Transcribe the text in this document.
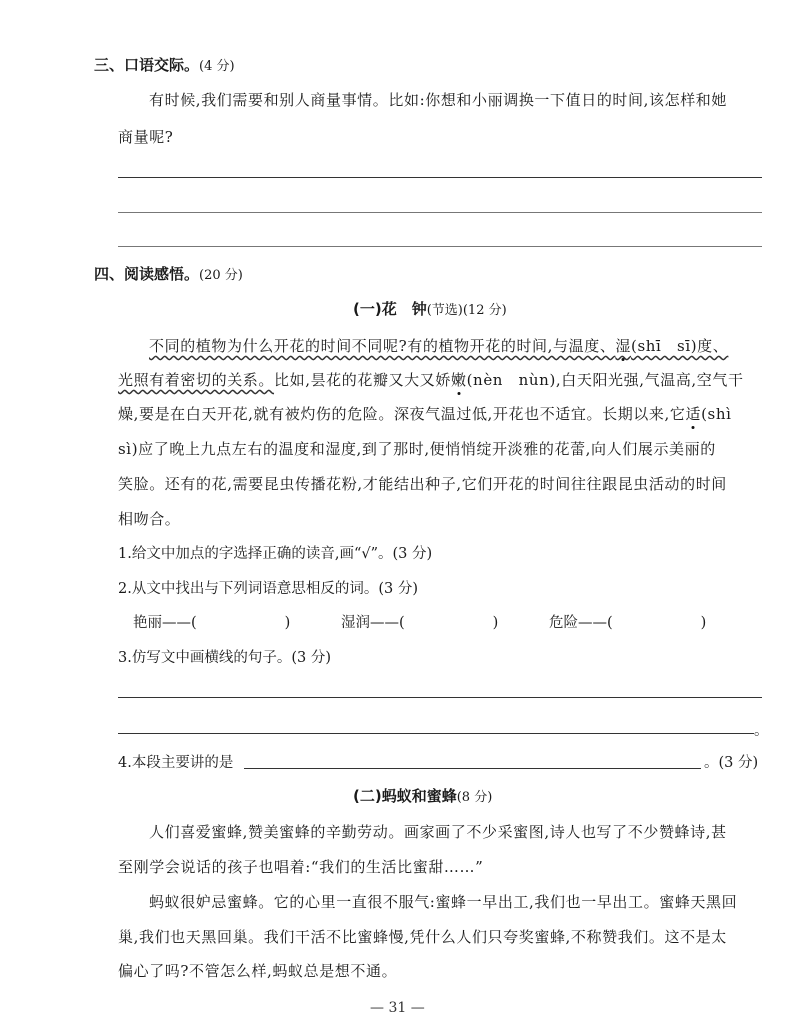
三、口语交际。(4 分)
有时候,我们需要和别人商量事情。比如:你想和小丽调换一下值日的时间,该怎样和她
商量呢?
四、阅读感悟。(20 分)
(一)花　钟(节选)(12 分)
不同的植物为什么开花的时间不同呢?有的植物开花的时间,与温度、湿(shī　sī)度、
光照有着密切的关系。比如,昙花的花瓣又大又娇嫩(nèn　nùn),白天阳光强,气温高,空气干
燥,要是在白天开花,就有被灼伤的危险。深夜气温过低,开花也不适宜。长期以来,它适(shì
sì)应了晚上九点左右的温度和湿度,到了那时,便悄悄绽开淡雅的花蕾,向人们展示美丽的
笑脸。还有的花,需要昆虫传播花粉,才能结出种子,它们开花的时间往往跟昆虫活动的时间
相吻合。
1.给文中加点的字选择正确的读音,画“√”。(3 分)
2.从文中找出与下列词语意思相反的词。(3 分)
艳丽——(	)	湿润——(	)	危险——(	)
3.仿写文中画横线的句子。(3 分)
。
4.本段主要讲的是	。(3 分)
(二)蚂蚁和蜜蜂(8 分)
人们喜爱蜜蜂,赞美蜜蜂的辛勤劳动。画家画了不少采蜜图,诗人也写了不少赞蜂诗,甚
至刚学会说话的孩子也唱着:“我们的生活比蜜甜……”
蚂蚁很妒忌蜜蜂。它的心里一直很不服气:蜜蜂一早出工,我们也一早出工。蜜蜂天黑回
巢,我们也天黑回巢。我们干活不比蜜蜂慢,凭什么人们只夸奖蜜蜂,不称赞我们。这不是太
偏心了吗?不管怎么样,蚂蚁总是想不通。
— 31 —
